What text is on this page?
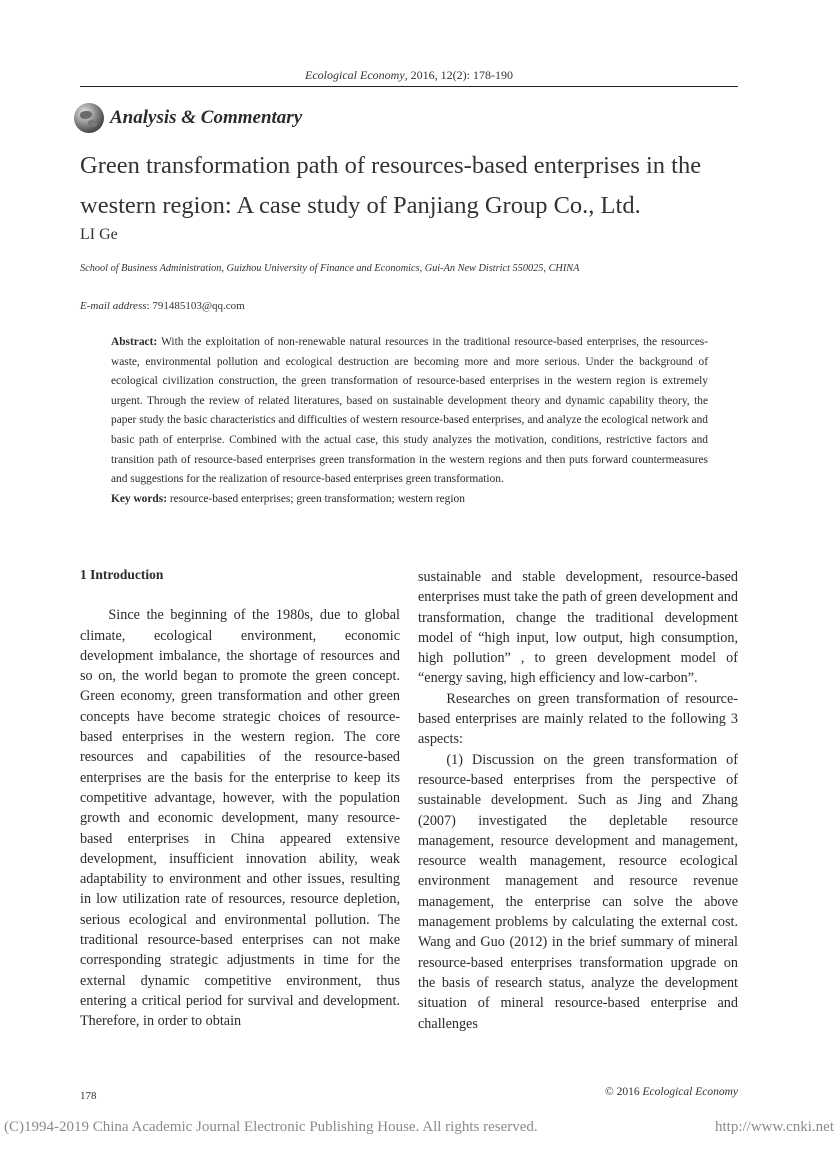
Ecological Economy, 2016, 12(2): 178-190
Analysis & Commentary
Green transformation path of resources-based enterprises in the western region: A case study of Panjiang Group Co., Ltd.
LI Ge
School of Business Administration, Guizhou University of Finance and Economics, Gui-An New District 550025, CHINA
E-mail address: 791485103@qq.com
Abstract: With the exploitation of non-renewable natural resources in the traditional resource-based enterprises, the resources-waste, environmental pollution and ecological destruction are becoming more and more serious. Under the background of ecological civilization construction, the green transformation of resource-based enterprises in the western region is extremely urgent. Through the review of related literatures, based on sustainable development theory and dynamic capability theory, the paper study the basic characteristics and difficulties of western resource-based enterprises, and analyze the ecological network and basic path of enterprise. Combined with the actual case, this study analyzes the motivation, conditions, restrictive factors and transition path of resource-based enterprises green transformation in the western regions and then puts forward countermeasures and suggestions for the realization of resource-based enterprises green transformation.
Key words: resource-based enterprises; green transformation; western region

1 Introduction

Since the beginning of the 1980s, due to global climate, ecological environment, economic development imbalance, the shortage of resources and so on, the world began to promote the green concept. Green economy, green transformation and other green concepts have become strategic choices of resource-based enterprises in the western region. The core resources and capabilities of the resource-based enterprises are the basis for the enterprise to keep its competitive advantage, however, with the population growth and economic development, many resource-based enterprises in China appeared extensive development, insufficient innovation ability, weak adaptability to environment and other issues, resulting in low utilization rate of resources, resource depletion, serious ecological and environmental pollution. The traditional resource-based enterprises can not make corresponding strategic adjustments in time for the external dynamic competitive environment, thus entering a critical period for survival and development. Therefore, in order to obtain

sustainable and stable development, resource-based enterprises must take the path of green development and transformation, change the traditional development model of “high input, low output, high consumption, high pollution” , to green development model of “energy saving, high efficiency and low-carbon”.

Researches on green transformation of resource-based enterprises are mainly related to the following 3 aspects:

(1) Discussion on the green transformation of resource-based enterprises from the perspective of sustainable development. Such as Jing and Zhang (2007) investigated the depletable resource management, resource development and management, resource wealth management, resource ecological environment management and resource revenue management, the enterprise can solve the above management problems by calculating the external cost. Wang and Guo (2012) in the brief summary of mineral resource-based enterprises transformation upgrade on the basis of research status, analyze the development situation of mineral resource-based enterprise and challenges

178	© 2016 Ecological Economy
(C)1994-2019 China Academic Journal Electronic Publishing House. All rights reserved.	http://www.cnki.net
